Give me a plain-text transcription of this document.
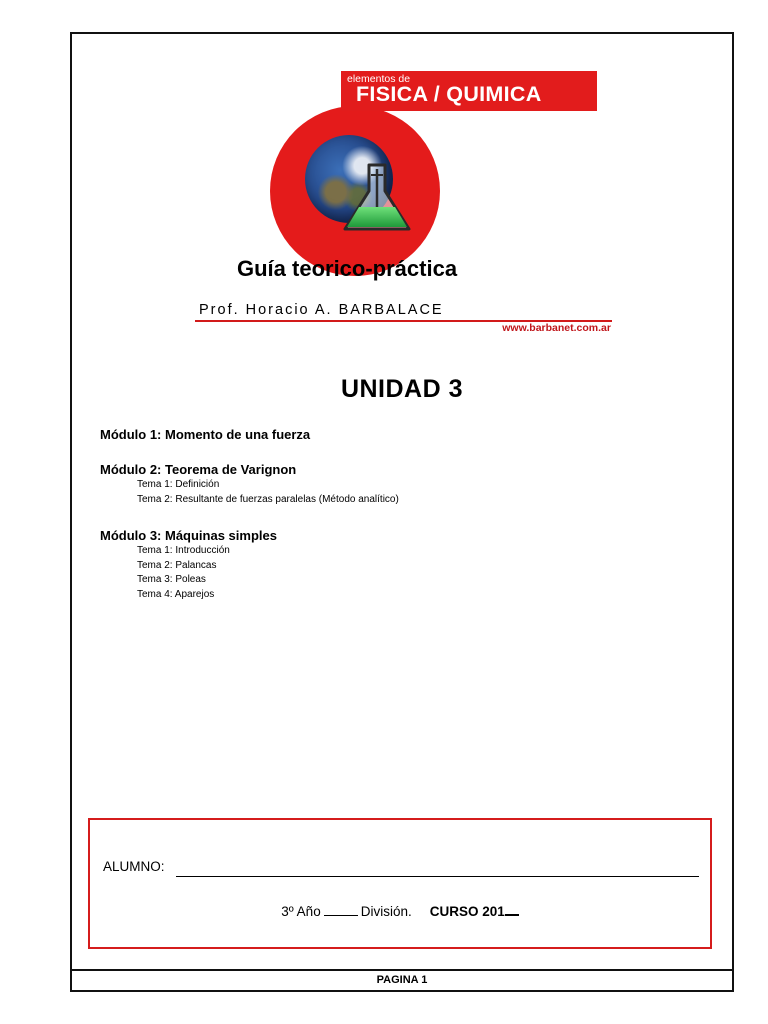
elementos de
FISICA / QUIMICA
Guía teorico-práctica
Prof. Horacio A. BARBALACE
www.barbanet.com.ar
UNIDAD 3
Módulo 1: Momento de una fuerza
Módulo 2: Teorema de Varignon
Tema 1: Definición
Tema 2: Resultante de fuerzas paralelas (Método analítico)
Módulo 3: Máquinas simples
Tema 1: Introducción
Tema 2: Palancas
Tema 3: Poleas
Tema 4: Aparejos
ALUMNO:
3º Año	División. CURSO 201
PAGINA 1
